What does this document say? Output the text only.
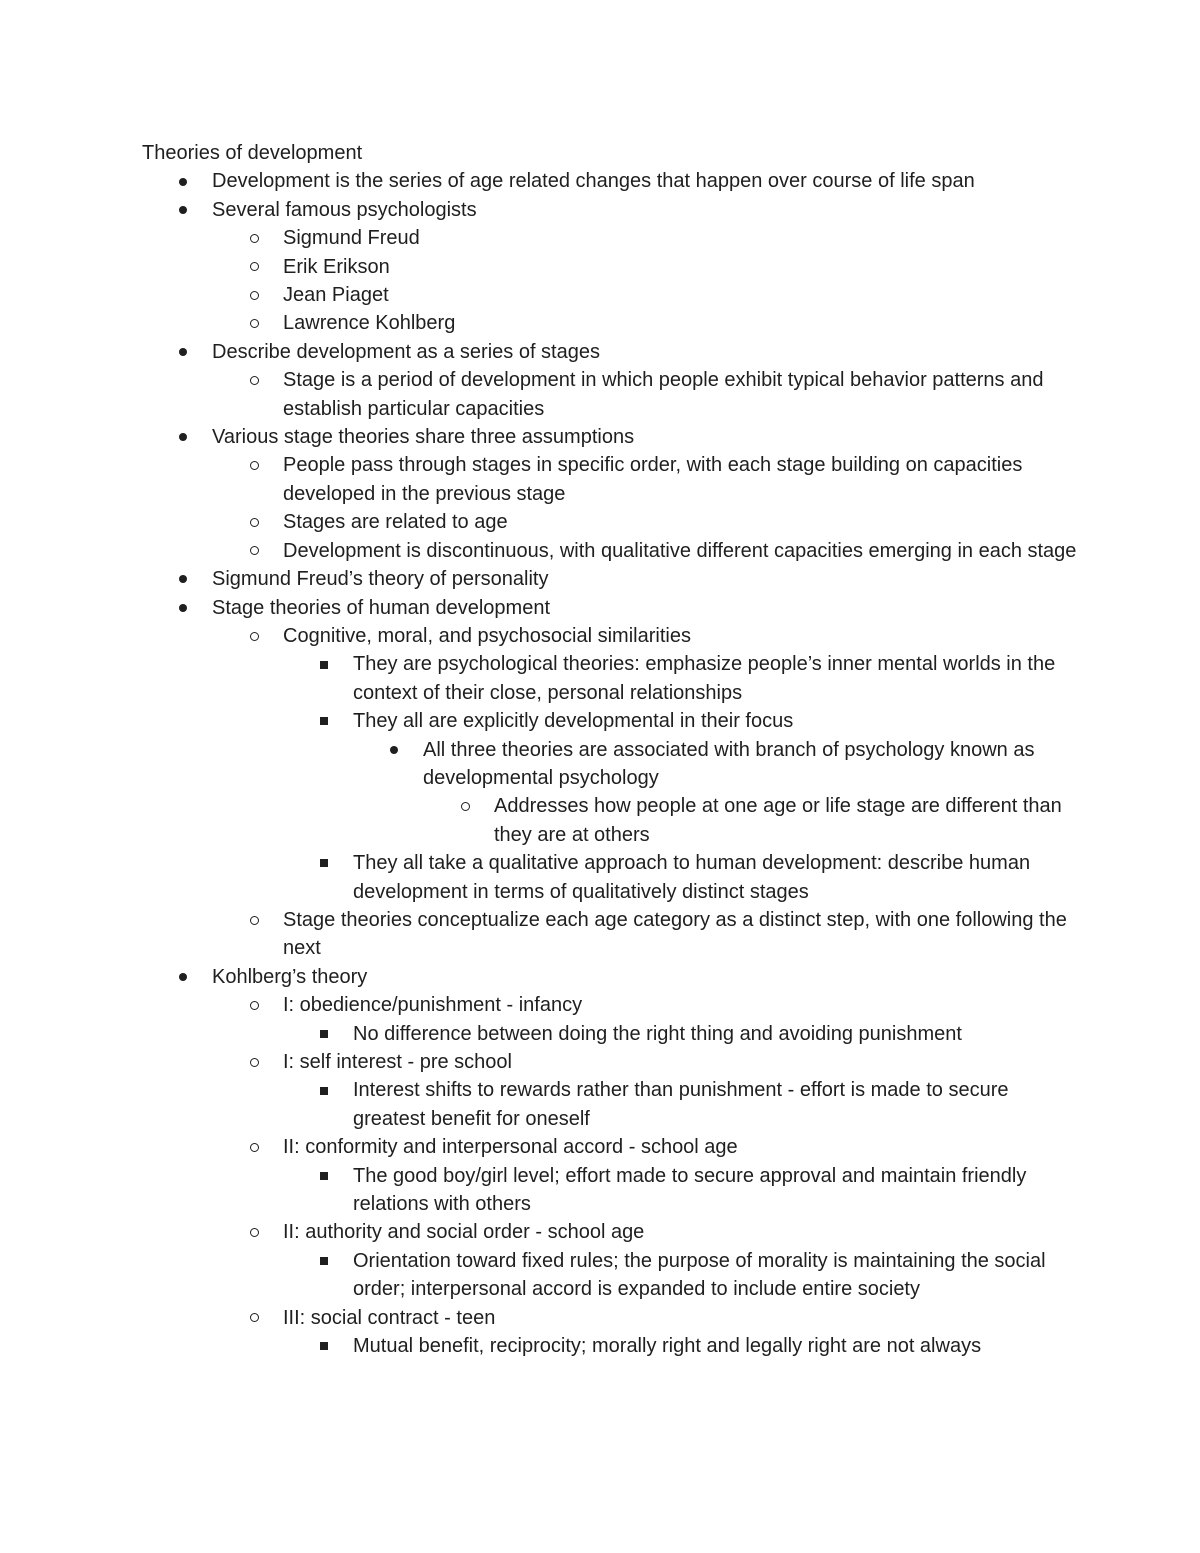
Theories of development
Development is the series of age related changes that happen over course of life span
Several famous psychologists
Sigmund Freud
Erik Erikson
Jean Piaget
Lawrence Kohlberg
Describe development as a series of stages
Stage is a period of development in which people exhibit typical behavior patterns and establish particular capacities
Various stage theories share three assumptions
People pass through stages in specific order, with each stage building on capacities developed in the previous stage
Stages are related to age
Development is discontinuous, with qualitative different capacities emerging in each stage
Sigmund Freud’s theory of personality
Stage theories of human development
Cognitive, moral, and psychosocial similarities
They are psychological theories: emphasize people’s inner mental worlds in the context of their close, personal relationships
They all are explicitly developmental in their focus
All three theories are associated with branch of psychology known as developmental psychology
Addresses how people at one age or life stage are different than they are at others
They all take a qualitative approach to human development: describe human development in terms of qualitatively distinct stages
Stage theories conceptualize each age category as a distinct step, with one following the next
Kohlberg’s theory
I: obedience/punishment - infancy
No difference between doing the right thing and avoiding punishment
I: self interest - pre school
Interest shifts to rewards rather than punishment - effort is made to secure greatest benefit for oneself
II: conformity and interpersonal accord - school age
The good boy/girl level; effort made to secure approval and maintain friendly relations with others
II: authority and social order - school age
Orientation toward fixed rules; the purpose of morality is maintaining the social order; interpersonal accord is expanded to include entire society
III: social contract - teen
Mutual benefit, reciprocity; morally right and legally right are not always
